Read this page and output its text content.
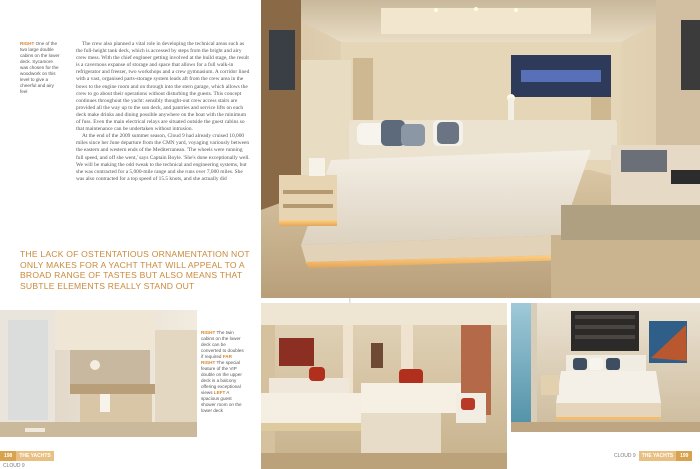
RIGHT One of the two large double cabins on the lower deck. Sycamore was chosen for the woodwork on this level to give a cheerful and airy feel

The crew also planned a vital role in developing the technical areas such as the full-height tank deck, which is accessed by steps from the bright and airy crew mess. With the chief engineer getting involved at the build stage, the result is a cavernous expanse of storage and space that allows for a full walk-in refrigerator and freezer, two workshops and a crew gymnasium. A corridor lined with a vast, organised parts-storage system leads aft from the crew area in the bows to the engine room and on through into the stern garage, which allows the crew to go about their operations without disturbing the guests. This concept continues throughout the yacht: sensibly thought-out crew access stairs are provided all the way up to the sun deck, and pantries and service lifts on each deck make drinks and dining possible anywhere on the boat with the minimum of fuss. Even the main electrical relays are situated outside the guest cabins so that maintenance can be undertaken without intrusion.

At the end of the 2009 summer season, Cloud 9 had already cruised 10,000 miles since her June departure from the CMN yard, voyaging variously between the eastern and western ends of the Mediterranean. 'The wheels were running full speed, and off she went,' says Captain Boyle. 'She's done exceptionally well. We will be making the odd tweak to the technical and engineering systems, but she was contracted for a 5,000-mile range and she runs over 7,000 miles. She was also contracted for a top speed of 15.5 knots, and she actually did

THE LACK OF OSTENTATIOUS ORNAMENTATION NOT ONLY MAKES FOR A YACHT THAT WILL APPEAL TO A BROAD RANGE OF TASTES BUT ALSO MEANS THAT SUBTLE ELEMENTS REALLY STAND OUT
RIGHT The twin cabins on the lower deck can be converted to doubles if required FAR RIGHT The special feature of the VIP double on the upper deck is a balcony offering exceptional views LEFT A spacious guest shower room on the lower deck
198 THE YACHTSCLOUD 9
CLOUD 9 THE YACHTS 199
